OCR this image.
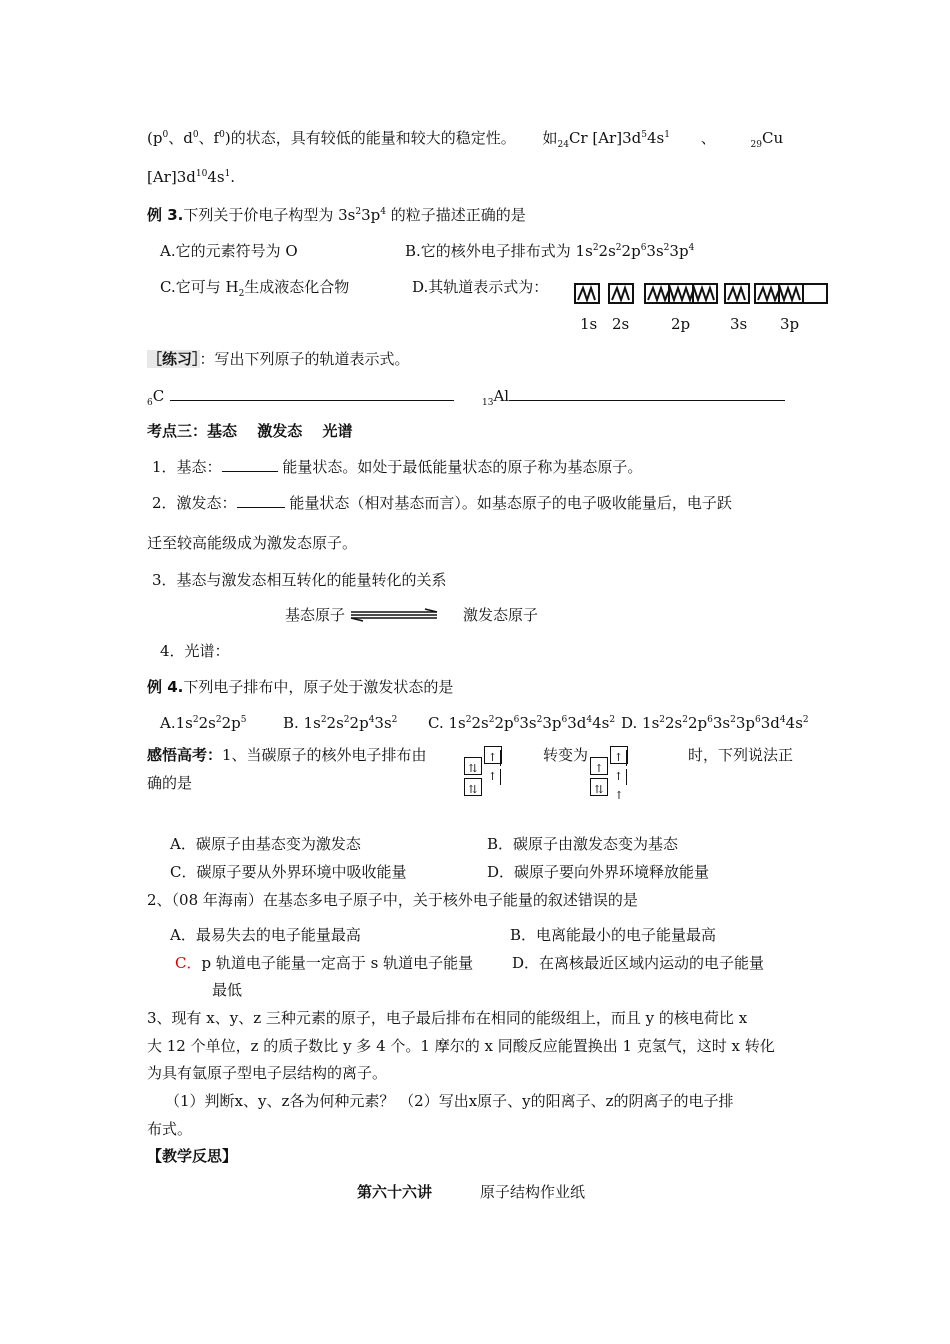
($p^0$、$d^0$、$f^0$)的状态，具有较低的能量和较大的稳定性。 如$_{24}$Cr $[Ar]3d^54s^1$ 、	$_{29}$Cu
$[Ar]3d^{10}4s^1$.
例 3.下列关于价电子构型为 $3s^23p^4$ 的粒子描述正确的是
A.它的元素符号为 O	B.它的核外电子排布式为 $1s^22s^22p^63s^23p^4$
C.它可与 $H_2$生成液态化合物	D.其轨道表示式为：
1s 2s	2p	3s 3p
［练习］：写出下列原子的轨道表示式。
$_6$C	$_{13}$Al
考点三：基态　 激发态　 光谱
1．基态：	能量状态。如处于最低能量状态的原子称为基态原子。
2．激发态：	能量状态（相对基态而言）。如基态原子的电子吸收能量后，电子跃
迁至较高能级成为激发态原子。
3．基态与激发态相互转化的能量转化的关系
基态原子	激发态原子
4．光谱：
例 4.下列电子排布中，原子处于激发状态的是
$A.1s^22s^22p^5$ B. $1s^22s^22p^43s^2$ C. $1s^22s^22p^63s^23p^63d^44s^2$ D. $1s^22s^22p^63s^23p^63d^44s^2$
感悟高考：1、当碳原子的核外电子排布由	↑↑
⇅
⇅
转变为	↑↑↑
↑
⇅
时，下列说法正
确的是
A．碳原子由基态变为激发态	B．碳原子由激发态变为基态
C．碳原子要从外界环境中吸收能量	D．碳原子要向外界环境释放能量
2、（08 年海南）在基态多电子原子中，关于核外电子能量的叙述错误的是
A．最易失去的电子能量最高	B．电离能最小的电子能量最高
C．p 轨道电子能量一定高于 s 轨道电子能量	D．在离核最近区域内运动的电子能量
最低
3、现有 x、y、z 三种元素的原子，电子最后排布在相同的能级组上，而且 y 的核电荷比 x
大 12 个单位，z 的质子数比 y 多 4 个。1 摩尔的 x 同酸反应能置换出 1 克氢气，这时 x 转化
为具有氩原子型电子层结构的离子。
（1）判断x、y、z各为何种元素？ （2）写出x原子、y的阳离子、z的阴离子的电子排
布式。
【教学反思】
第六十六讲	原子结构作业纸
